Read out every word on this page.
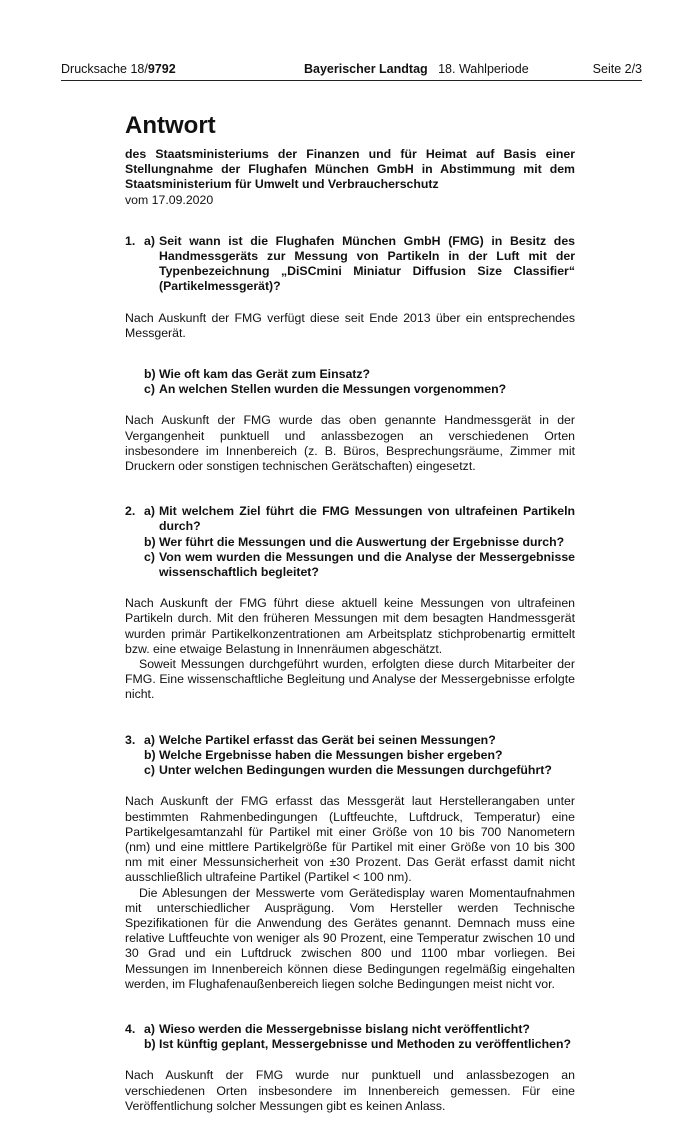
Drucksache 18/9792	Bayerischer Landtag 18. Wahlperiode	Seite 2/3
Antwort
des Staatsministeriums der Finanzen und für Heimat auf Basis einer Stellungnahme der Flughafen München GmbH in Abstimmung mit dem Staatsministerium für Umwelt und Verbraucherschutz
vom 17.09.2020
1. a) Seit wann ist die Flughafen München GmbH (FMG) in Besitz des Handmessgeräts zur Messung von Partikeln in der Luft mit der Typenbezeichnung „DiSCmini Miniatur Diffusion Size Classifier“ (Partikelmessgerät)?

Nach Auskunft der FMG verfügt diese seit Ende 2013 über ein entsprechendes Messgerät.

b) Wie oft kam das Gerät zum Einsatz?
c) An welchen Stellen wurden die Messungen vorgenommen?

Nach Auskunft der FMG wurde das oben genannte Handmessgerät in der Vergangenheit punktuell und anlassbezogen an verschiedenen Orten insbesondere im Innenbereich (z. B. Büros, Besprechungsräume, Zimmer mit Druckern oder sonstigen technischen Gerätschaften) eingesetzt.

2. a) Mit welchem Ziel führt die FMG Messungen von ultrafeinen Partikeln durch?
b) Wer führt die Messungen und die Auswertung der Ergebnisse durch?
c) Von wem wurden die Messungen und die Analyse der Messergebnisse wissenschaftlich begleitet?

Nach Auskunft der FMG führt diese aktuell keine Messungen von ultrafeinen Partikeln durch. Mit den früheren Messungen mit dem besagten Handmessgerät wurden primär Partikelkonzentrationen am Arbeitsplatz stichprobenartig ermittelt bzw. eine etwaige Belastung in Innenräumen abgeschätzt.

Soweit Messungen durchgeführt wurden, erfolgten diese durch Mitarbeiter der FMG. Eine wissenschaftliche Begleitung und Analyse der Messergebnisse erfolgte nicht.

3. a) Welche Partikel erfasst das Gerät bei seinen Messungen?
b) Welche Ergebnisse haben die Messungen bisher ergeben?
c) Unter welchen Bedingungen wurden die Messungen durchgeführt?

Nach Auskunft der FMG erfasst das Messgerät laut Herstellerangaben unter bestimmten Rahmenbedingungen (Luftfeuchte, Luftdruck, Temperatur) eine Partikelgesamtanzahl für Partikel mit einer Größe von 10 bis 700 Nanometern (nm) und eine mittlere Partikelgröße für Partikel mit einer Größe von 10 bis 300 nm mit einer Messunsicherheit von ±30 Prozent. Das Gerät erfasst damit nicht ausschließlich ultrafeine Partikel (Partikel < 100 nm).

Die Ablesungen der Messwerte vom Gerätedisplay waren Momentaufnahmen mit unterschiedlicher Ausprägung. Vom Hersteller werden Technische Spezifikationen für die Anwendung des Gerätes genannt. Demnach muss eine relative Luftfeuchte von weniger als 90 Prozent, eine Temperatur zwischen 10 und 30 Grad und ein Luftdruck zwischen 800 und 1100 mbar vorliegen. Bei Messungen im Innenbereich können diese Bedingungen regelmäßig eingehalten werden, im Flughafenaußenbereich liegen solche Bedingungen meist nicht vor.

4. a) Wieso werden die Messergebnisse bislang nicht veröffentlicht?
b) Ist künftig geplant, Messergebnisse und Methoden zu veröffentlichen?

Nach Auskunft der FMG wurde nur punktuell und anlassbezogen an verschiedenen Orten insbesondere im Innenbereich gemessen. Für eine Veröffentlichung solcher Messungen gibt es keinen Anlass.
